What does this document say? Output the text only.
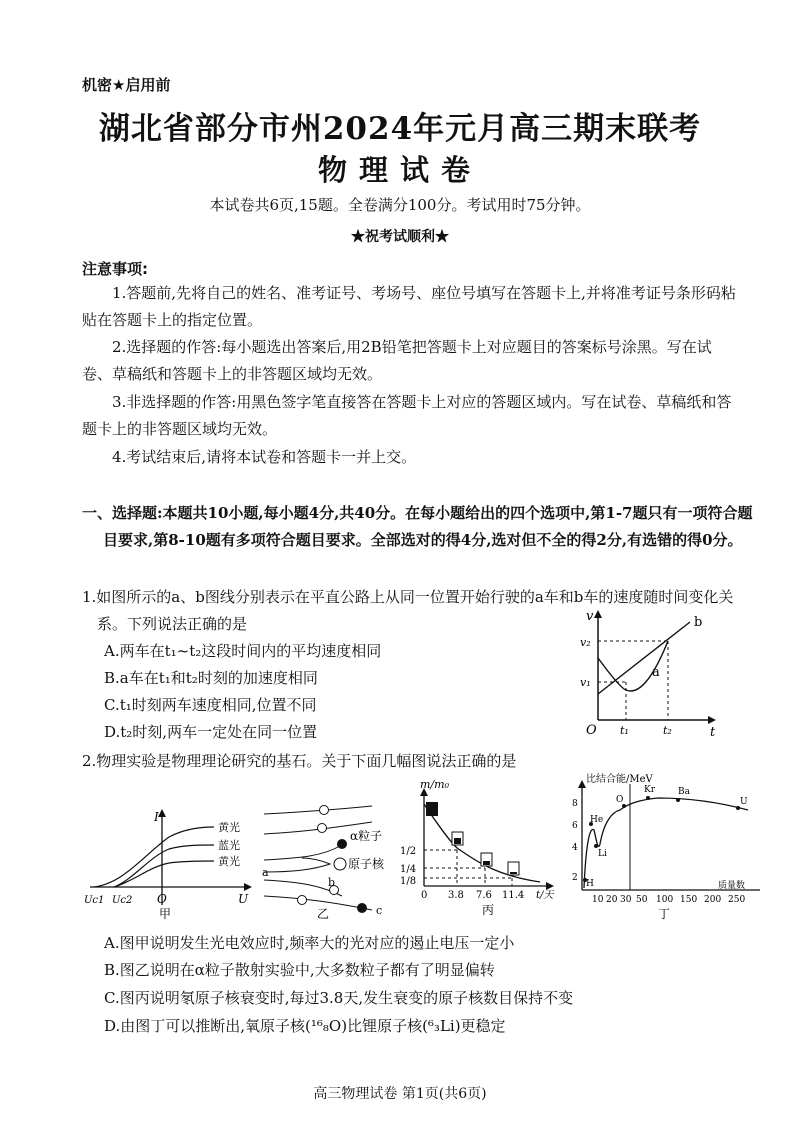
机密★启用前
湖北省部分市州2024年元月高三期末联考
物理试卷
本试卷共6页,15题。全卷满分100分。考试用时75分钟。
★祝考试顺利★
注意事项:
1.答题前,先将自己的姓名、准考证号、考场号、座位号填写在答题卡上,并将准考证号条形码粘贴在答题卡上的指定位置。
2.选择题的作答:每小题选出答案后,用2B铅笔把答题卡上对应题目的答案标号涂黑。写在试卷、草稿纸和答题卡上的非答题区域均无效。
3.非选择题的作答:用黑色签字笔直接答在答题卡上对应的答题区域内。写在试卷、草稿纸和答题卡上的非答题区域均无效。
4.考试结束后,请将本试卷和答题卡一并上交。
一、选择题:本题共10小题,每小题4分,共40分。在每小题给出的四个选项中,第1-7题只有一项符合题目要求,第8-10题有多项符合题目要求。全部选对的得4分,选对但不全的得2分,有选错的得0分。
1.如图所示的a、b图线分别表示在平直公路上从同一位置开始行驶的a车和b车的速度随时间变化关系。下列说法正确的是
A.两车在t₁~t₂这段时间内的平均速度相同
B.a车在t₁和t₂时刻的加速度相同
C.t₁时刻两车速度相同,位置不同
D.t₂时刻,两车一定处在同一位置
v
t
O
v₂
v₁
t₁	t₂
a
b
2.物理实验是物理理论研究的基石。关于下面几幅图说法正确的是
I
U
O
Uc1 Uc2
黄光
蓝光
黄光
甲
α粒子
原子核
a
b
c
乙
m/m₀
1/2
1/4
1/8
0 3.8 7.6 11.4 t/天
丙
比结合能/MeV
2
4
6
8
He
Li
H
O
Kr	Ba
U
10 20 30 50 100 150 200 250
质量数
丁
A.图甲说明发生光电效应时,频率大的光对应的遏止电压一定小
B.图乙说明在α粒子散射实验中,大多数粒子都有了明显偏转
C.图丙说明氡原子核衰变时,每过3.8天,发生衰变的原子核数目保持不变
D.由图丁可以推断出,氧原子核(¹⁶₈O)比锂原子核(⁶₃Li)更稳定
高三物理试卷 第1页(共6页)
